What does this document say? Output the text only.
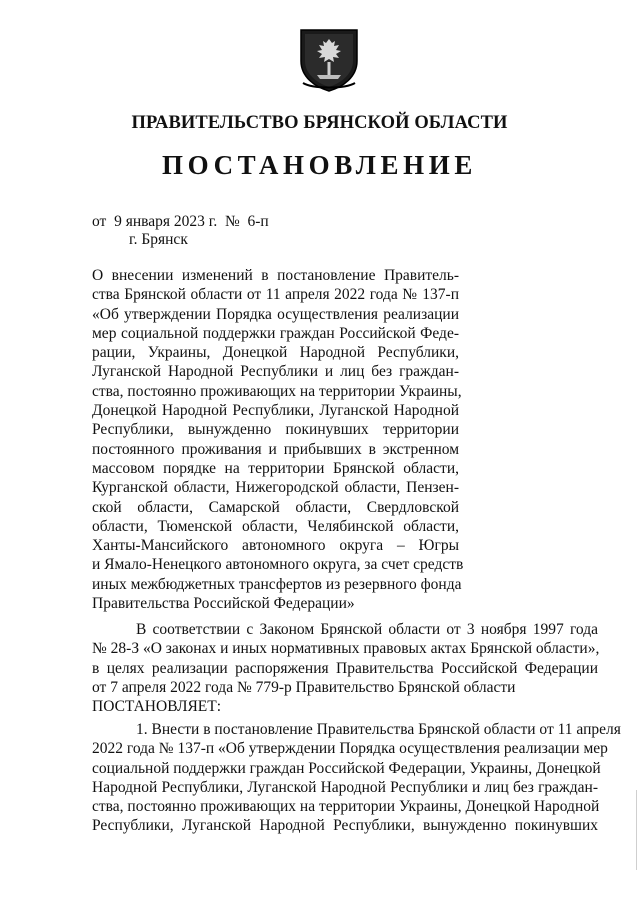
ПРАВИТЕЛЬСТВО БРЯНСКОЙ ОБЛАСТИ
ПОСТАНОВЛЕНИЕ
от  9 января 2023 г.  №  6-п
г. Брянск
О внесении изменений в постановление Правитель-
ства Брянской области от 11 апреля 2022 года № 137-п
«Об утверждении Порядка осуществления реализации
мер социальной поддержки граждан Российской Феде-
рации, Украины, Донецкой Народной Республики,
Луганской Народной Республики и лиц без граждан-
ства, постоянно проживающих на территории Украины,
Донецкой Народной Республики, Луганской Народной
Республики, вынужденно покинувших территории
постоянного проживания и прибывших в экстренном
массовом порядке на территории Брянской области,
Курганской области, Нижегородской области, Пензен-
ской области, Самарской области, Свердловской
области, Тюменской области, Челябинской области,
Ханты-Мансийского автономного округа – Югры
и Ямало-Ненецкого автономного округа, за счет средств
иных межбюджетных трансфертов из резервного фонда
Правительства Российской Федерации»
В соответствии с Законом Брянской области от 3 ноября 1997 года
№ 28-З «О законах и иных нормативных правовых актах Брянской области»,
в целях реализации распоряжения Правительства Российской Федерации
от 7 апреля 2022 года № 779-р Правительство Брянской области
ПОСТАНОВЛЯЕТ:
1. Внести в постановление Правительства Брянской области от 11 апреля
2022 года № 137-п «Об утверждении Порядка осуществления реализации мер
социальной поддержки граждан Российской Федерации, Украины, Донецкой
Народной Республики, Луганской Народной Республики и лиц без граждан-
ства, постоянно проживающих на территории Украины, Донецкой Народной
Республики, Луганской Народной Республики, вынужденно покинувших
